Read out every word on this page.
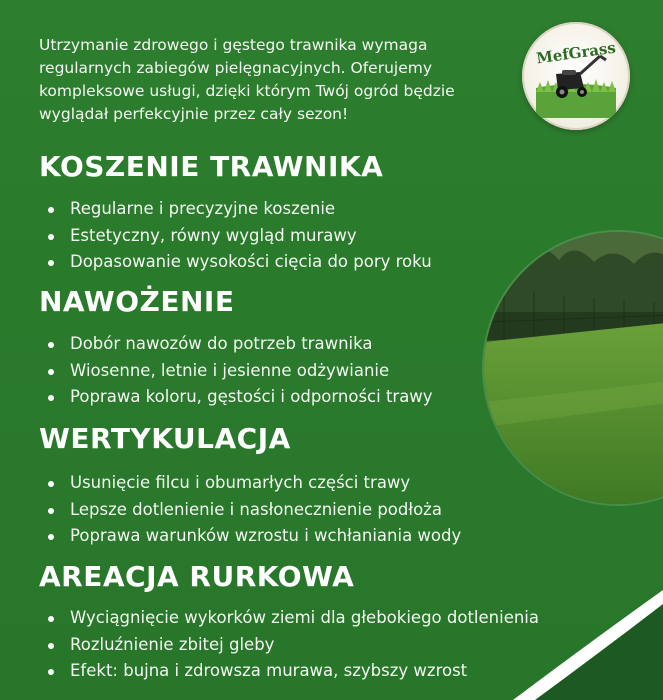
Utrzymanie zdrowego i gęstego trawnika wymaga regularnych zabiegów pielęgnacyjnych. Oferujemy kompleksowe usługi, dzięki którym Twój ogród będzie wyglądał perfekcyjnie przez cały sezon!
MefGrass
KOSZENIE TRAWNIKA
Regularne i precyzyjne koszenie
Estetyczny, równy wygląd murawy
Dopasowanie wysokości cięcia do pory roku
NAWOŻENIE
Dobór nawozów do potrzeb trawnika
Wiosenne, letnie i jesienne odżywianie
Poprawa koloru, gęstości i odporności trawy
WERTYKULACJA
Usunięcie filcu i obumarłych części trawy
Lepsze dotlenienie i nasłonecznienie podłoża
Poprawa warunków wzrostu i wchłaniania wody
AREACJA RURKOWA
Wyciągnięcie wykorków ziemi dla głebokiego dotlenienia
Rozluźnienie zbitej gleby
Efekt: bujna i zdrowsza murawa, szybszy wzrost
